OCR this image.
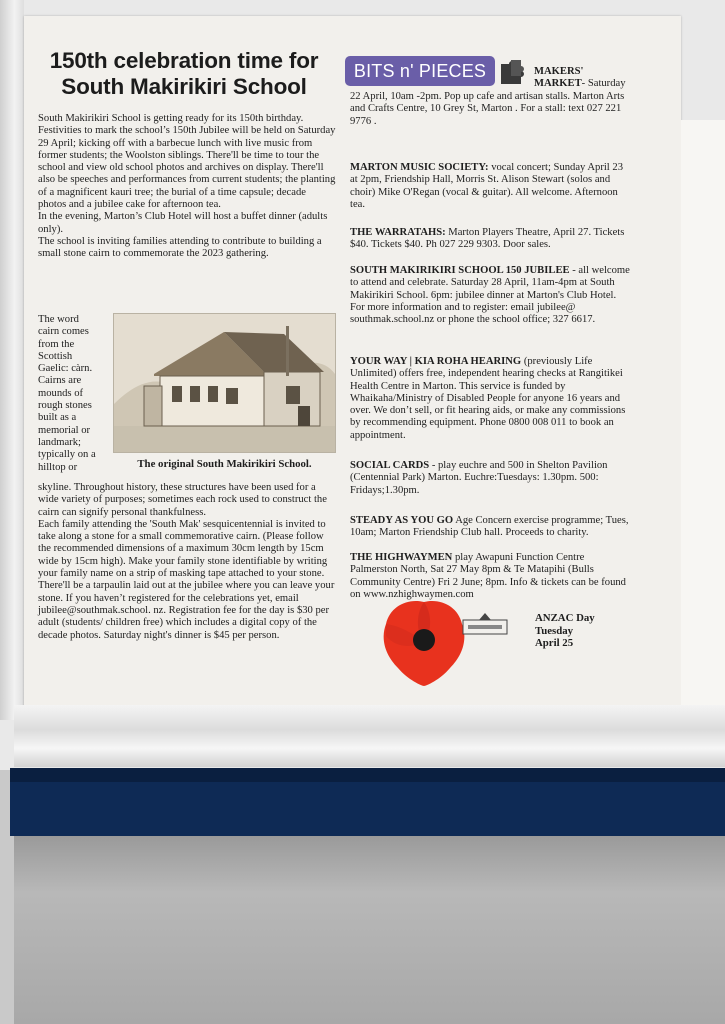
150th celebration time for
South Makirikiri School

South Makirikiri School is getting ready for its 150th birthday.

Festivities to mark the school’s 150th Jubilee will be held on Saturday 29 April; kicking off with a barbecue lunch with live music from former students; the Woolston siblings. There'll be time to tour the school and view old school photos and archives on display. There'll also be speeches and performances from current students; the planting of a magnificent kauri tree; the burial of a time capsule; decade photos and a jubilee cake for afternoon tea.

In the evening, Marton’s Club Hotel will host a buffet dinner (adults only).

The school is inviting families attending to contribute to building a small stone cairn to commemorate the 2023 gathering.

The word cairn comes from the Scottish Gaelic: càrn. Cairns are mounds of rough stones built as a memorial or landmark; typically on a hilltop or	The original South Makirikiri School.

skyline. Throughout history, these structures have been used for a wide variety of purposes; sometimes each rock used to construct the cairn can signify personal thankfulness.

Each family attending the 'South Mak' sesquicentennial is invited to take along a stone for a small commemorative cairn. (Please follow the recommended dimensions of a maximum 30cm length by 15cm wide by 15cm high). Make your family stone identifiable by writing your family name on a strip of masking tape attached to your stone. There'll be a tarpaulin laid out at the jubilee where you can leave your stone. If you haven’t registered for the celebrations yet, email jubilee@southmak.school. nz. Registration fee for the day is $30 per adult (students/ children free) which includes a digital copy of the decade photos. Saturday night's dinner is $45 per person.

BITS n' PIECES	MAKERS'
MARKET- Saturday
22 April, 10am -2pm. Pop up cafe and artisan stalls. Marton Arts and Crafts Centre, 10 Grey St, Marton . For a stall: text 027 221 9776 .
MARTON MUSIC SOCIETY: vocal concert; Sunday April 23 at 2pm, Friendship Hall, Morris St. Alison Stewart (solos and choir) Mike O'Regan (vocal & guitar). All welcome. Afternoon tea.
THE WARRATAHS: Marton Players Theatre, April 27. Tickets $40. Tickets $40. Ph 027 229 9303. Door sales.
SOUTH MAKIRIKIRI SCHOOL 150 JUBILEE - all welcome to attend and celebrate. Saturday 28 April, 11am-4pm at South Makirikiri School. 6pm: jubilee dinner at Marton's Club Hotel. For more information and to register: email jubilee@ southmak.school.nz or phone the school office; 327 6617.
YOUR WAY | KIA ROHA HEARING (previously Life Unlimited) offers free, independent hearing checks at Rangitikei Health Centre in Marton. This service is funded by Whaikaha/Ministry of Disabled People for anyone 16 years and over. We don’t sell, or fit hearing aids, or make any commissions by recommending equipment. Phone 0800 008 011 to book an appointment.
SOCIAL CARDS - play euchre and 500 in Shelton Pavilion (Centennial Park) Marton. Euchre:Tuesdays: 1.30pm. 500: Fridays;1.30pm.
STEADY AS YOU GO Age Concern exercise programme; Tues, 10am; Marton Friendship Club hall. Proceeds to charity.
THE HIGHWAYMEN play Awapuni Function Centre Palmerston North, Sat 27 May 8pm & Te Matapihi (Bulls Community Centre) Fri 2 June; 8pm. Info & tickets can be found on www.nzhighwaymen.com
ANZAC Day
Tuesday
April 25
